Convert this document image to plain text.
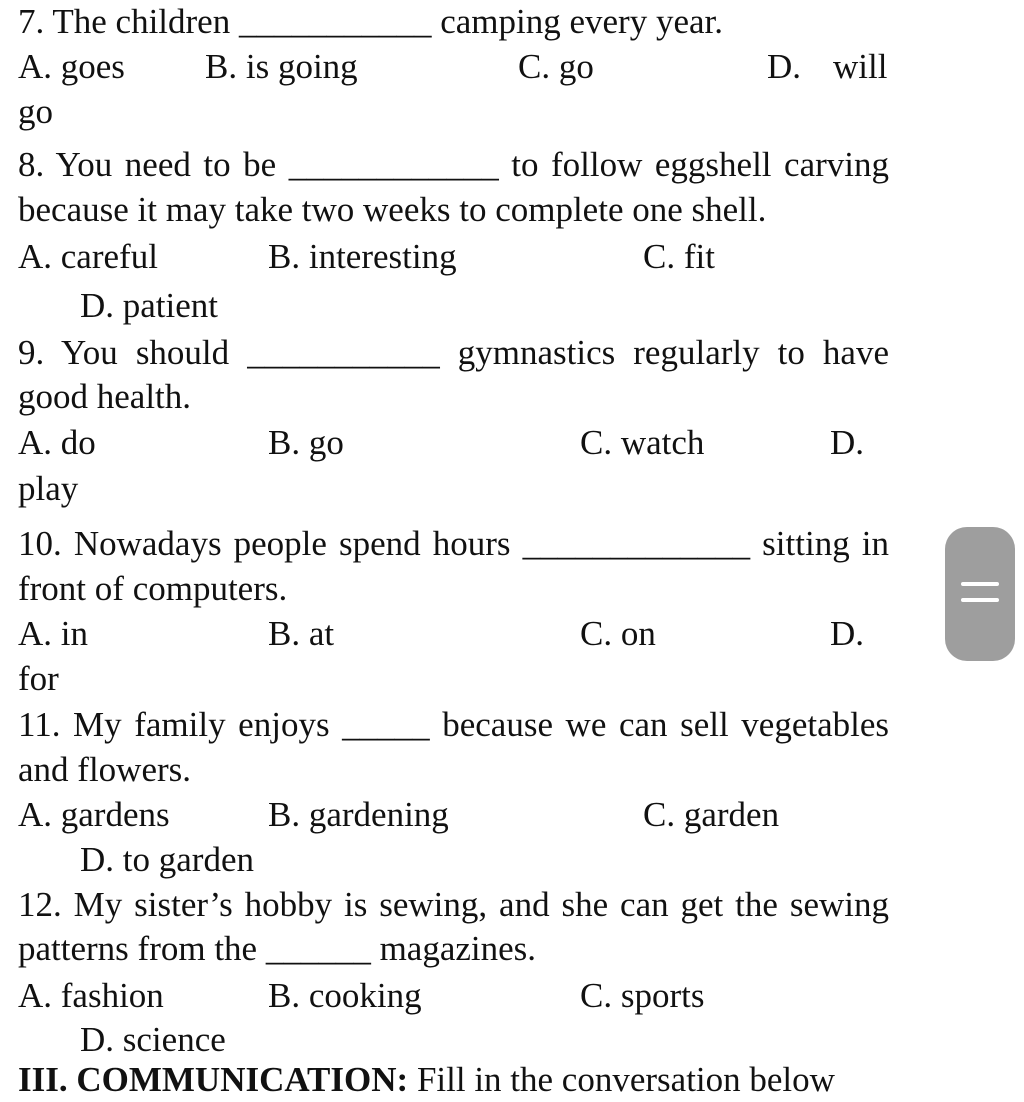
7. The children ___________ camping every year.
A. goes B. is going	C. go	D. will
go
8. You need to be ____________ to follow eggshell carving
because it may take two weeks to complete one shell.
A. careful	B. interesting	C. fit
D. patient
9. You should ___________ gymnastics regularly to have
good health.
A. do	B. go	C. watch	D.
play
10. Nowadays people spend hours _____________ sitting in
front of computers.
A. in	B. at	C. on	D.
for
11. My family enjoys _____ because we can sell vegetables
and flowers.
A. gardens	B. gardening	C. garden
D. to garden
12. My sister’s hobby is sewing, and she can get the sewing
patterns from the ______ magazines.
A. fashion	B. cooking	C. sports
D. science
III. COMMUNICATION: Fill in the conversation below
